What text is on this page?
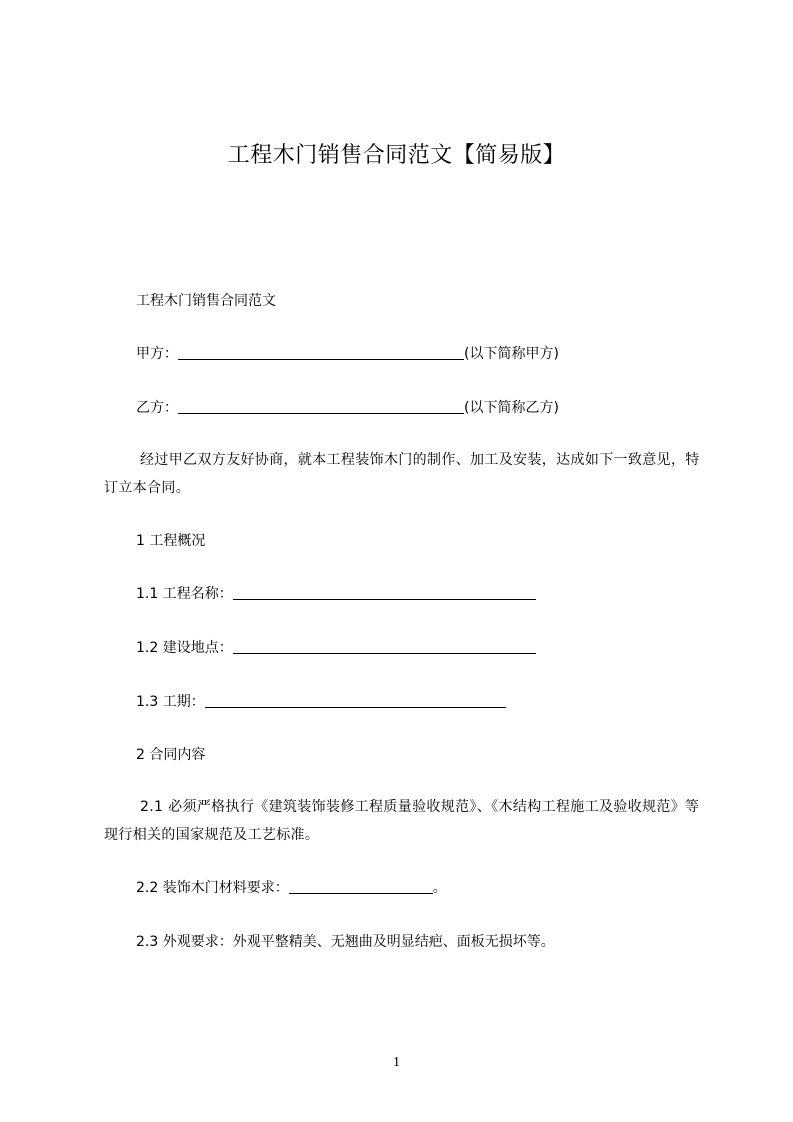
工程木门销售合同范文【简易版】
工程木门销售合同范文
甲方：	(以下简称甲方)
乙方：	(以下简称乙方)
经过甲乙双方友好协商，就本工程装饰木门的制作、加工及安装，达成如下一致意见，特订立本合同。
1 工程概况
1.1 工程名称：
1.2 建设地点：
1.3 工期：
2 合同内容
2.1 必须严格执行《建筑装饰装修工程质量验收规范》、《木结构工程施工及验收规范》等现行相关的国家规范及工艺标准。
2.2 装饰木门材料要求：	。
2.3 外观要求：外观平整精美、无翘曲及明显结疤、面板无损坏等。
1
